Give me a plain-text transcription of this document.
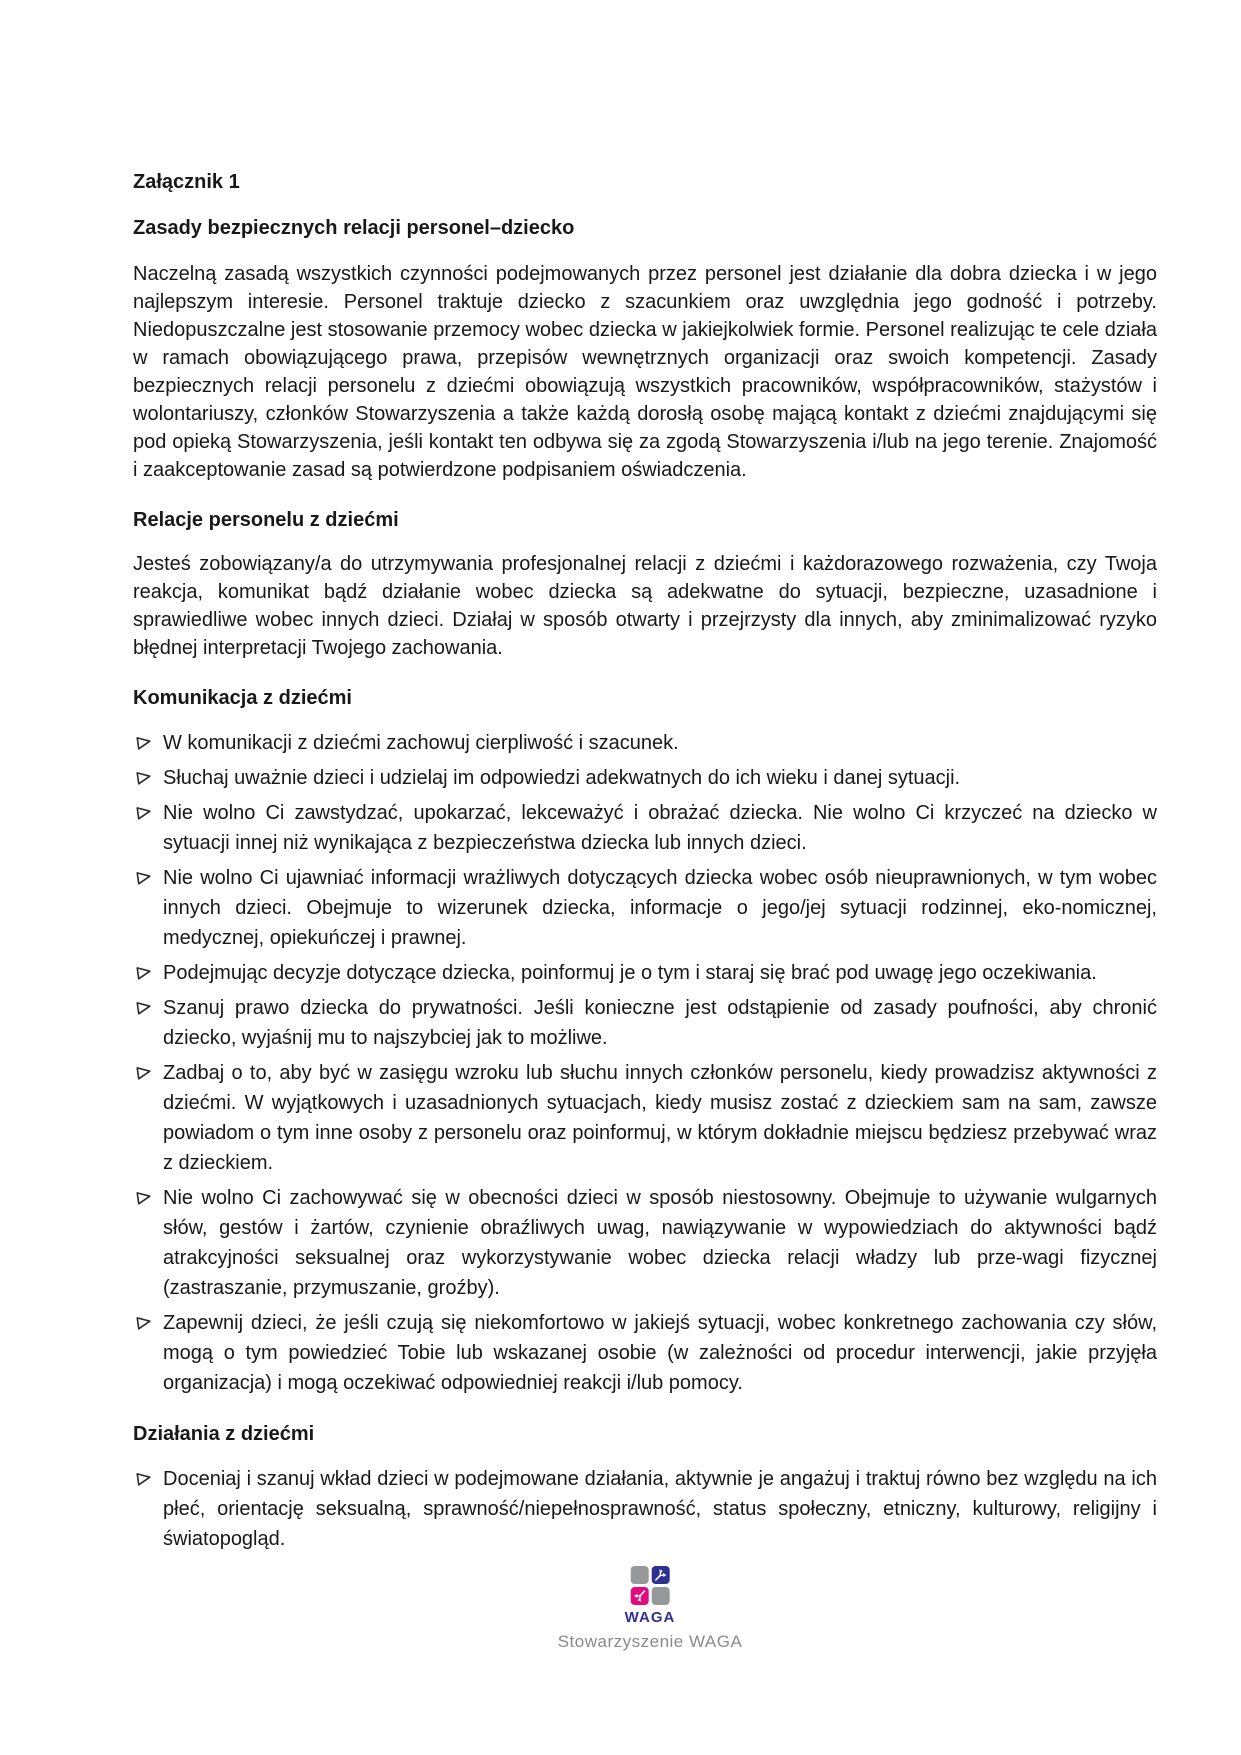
Załącznik 1

Zasady bezpiecznych relacji personel–dziecko

Naczelną zasadą wszystkich czynności podejmowanych przez personel jest działanie dla dobra dziecka i w jego najlepszym interesie. Personel traktuje dziecko z szacunkiem oraz uwzględnia jego godność i potrzeby. Niedopuszczalne jest stosowanie przemocy wobec dziecka w jakiejkolwiek formie. Personel realizując te cele działa w ramach obowiązującego prawa, przepisów wewnętrznych organizacji oraz swoich kompetencji. Zasady bezpiecznych relacji personelu z dziećmi obowiązują wszystkich pracowników, współpracowników, stażystów i wolontariuszy, członków Stowarzyszenia a także każdą dorosłą osobę mającą kontakt z dziećmi znajdującymi się pod opieką Stowarzyszenia, jeśli kontakt ten odbywa się za zgodą Stowarzyszenia i/lub na jego terenie. Znajomość i zaakceptowanie zasad są potwierdzone podpisaniem oświadczenia.

Relacje personelu z dziećmi

Jesteś zobowiązany/a do utrzymywania profesjonalnej relacji z dziećmi i każdorazowego rozważenia, czy Twoja reakcja, komunikat bądź działanie wobec dziecka są adekwatne do sytuacji, bezpieczne, uzasadnione i sprawiedliwe wobec innych dzieci. Działaj w sposób otwarty i przejrzysty dla innych, aby zminimalizować ryzyko błędnej interpretacji Twojego zachowania.

Komunikacja z dziećmi
W komunikacji z dziećmi zachowuj cierpliwość i szacunek.
Słuchaj uważnie dzieci i udzielaj im odpowiedzi adekwatnych do ich wieku i danej sytuacji.
Nie wolno Ci zawstydzać, upokarzać, lekceważyć i obrażać dziecka. Nie wolno Ci krzyczeć na dziecko w sytuacji innej niż wynikająca z bezpieczeństwa dziecka lub innych dzieci.
Nie wolno Ci ujawniać informacji wrażliwych dotyczących dziecka wobec osób nieuprawnionych, w tym wobec innych dzieci. Obejmuje to wizerunek dziecka, informacje o jego/jej sytuacji rodzinnej, eko-nomicznej, medycznej, opiekuńczej i prawnej.
Podejmując decyzje dotyczące dziecka, poinformuj je o tym i staraj się brać pod uwagę jego oczekiwania.
Szanuj prawo dziecka do prywatności. Jeśli konieczne jest odstąpienie od zasady poufności, aby chronić dziecko, wyjaśnij mu to najszybciej jak to możliwe.
Zadbaj o to, aby być w zasięgu wzroku lub słuchu innych członków personelu, kiedy prowadzisz aktywności z dziećmi. W wyjątkowych i uzasadnionych sytuacjach, kiedy musisz zostać z dzieckiem sam na sam, zawsze powiadom o tym inne osoby z personelu oraz poinformuj, w którym dokładnie miejscu będziesz przebywać wraz z dzieckiem.
Nie wolno Ci zachowywać się w obecności dzieci w sposób niestosowny. Obejmuje to używanie wulgarnych słów, gestów i żartów, czynienie obraźliwych uwag, nawiązywanie w wypowiedziach do aktywności bądź atrakcyjności seksualnej oraz wykorzystywanie wobec dziecka relacji władzy lub prze-wagi fizycznej (zastraszanie, przymuszanie, groźby).
Zapewnij dzieci, że jeśli czują się niekomfortowo w jakiejś sytuacji, wobec konkretnego zachowania czy słów, mogą o tym powiedzieć Tobie lub wskazanej osobie (w zależności od procedur interwencji, jakie przyjęła organizacja) i mogą oczekiwać odpowiedniej reakcji i/lub pomocy.
Działania z dziećmi
Doceniaj i szanuj wkład dzieci w podejmowane działania, aktywnie je angażuj i traktuj równo bez względu na ich płeć, orientację seksualną, sprawność/niepełnosprawność, status społeczny, etniczny, kulturowy, religijny i światopogląd.
WAGA
Stowarzyszenie WAGA
